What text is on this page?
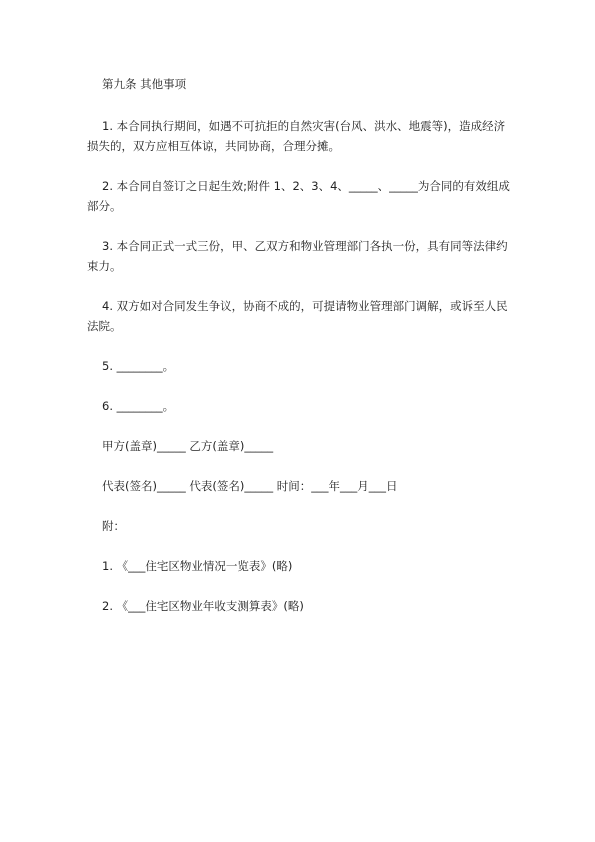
第九条 其他事项
1. 本合同执行期间，如遇不可抗拒的自然灾害(台风、洪水、地震等)，造成经济
损失的，双方应相互体谅，共同协商，合理分摊。
2. 本合同自签订之日起生效;附件 1、2、3、4、_____、_____为合同的有效组成
部分。
3. 本合同正式一式三份，甲、乙双方和物业管理部门各执一份，具有同等法律约
束力。
4. 双方如对合同发生争议，协商不成的，可提请物业管理部门调解，或诉至人民
法院。
5. ________。
6. ________。
甲方(盖章)_____ 乙方(盖章)_____
代表(签名)_____ 代表(签名)_____ 时间：___年___月___日
附：
1. 《___住宅区物业情况一览表》(略)
2. 《___住宅区物业年收支测算表》(略)
